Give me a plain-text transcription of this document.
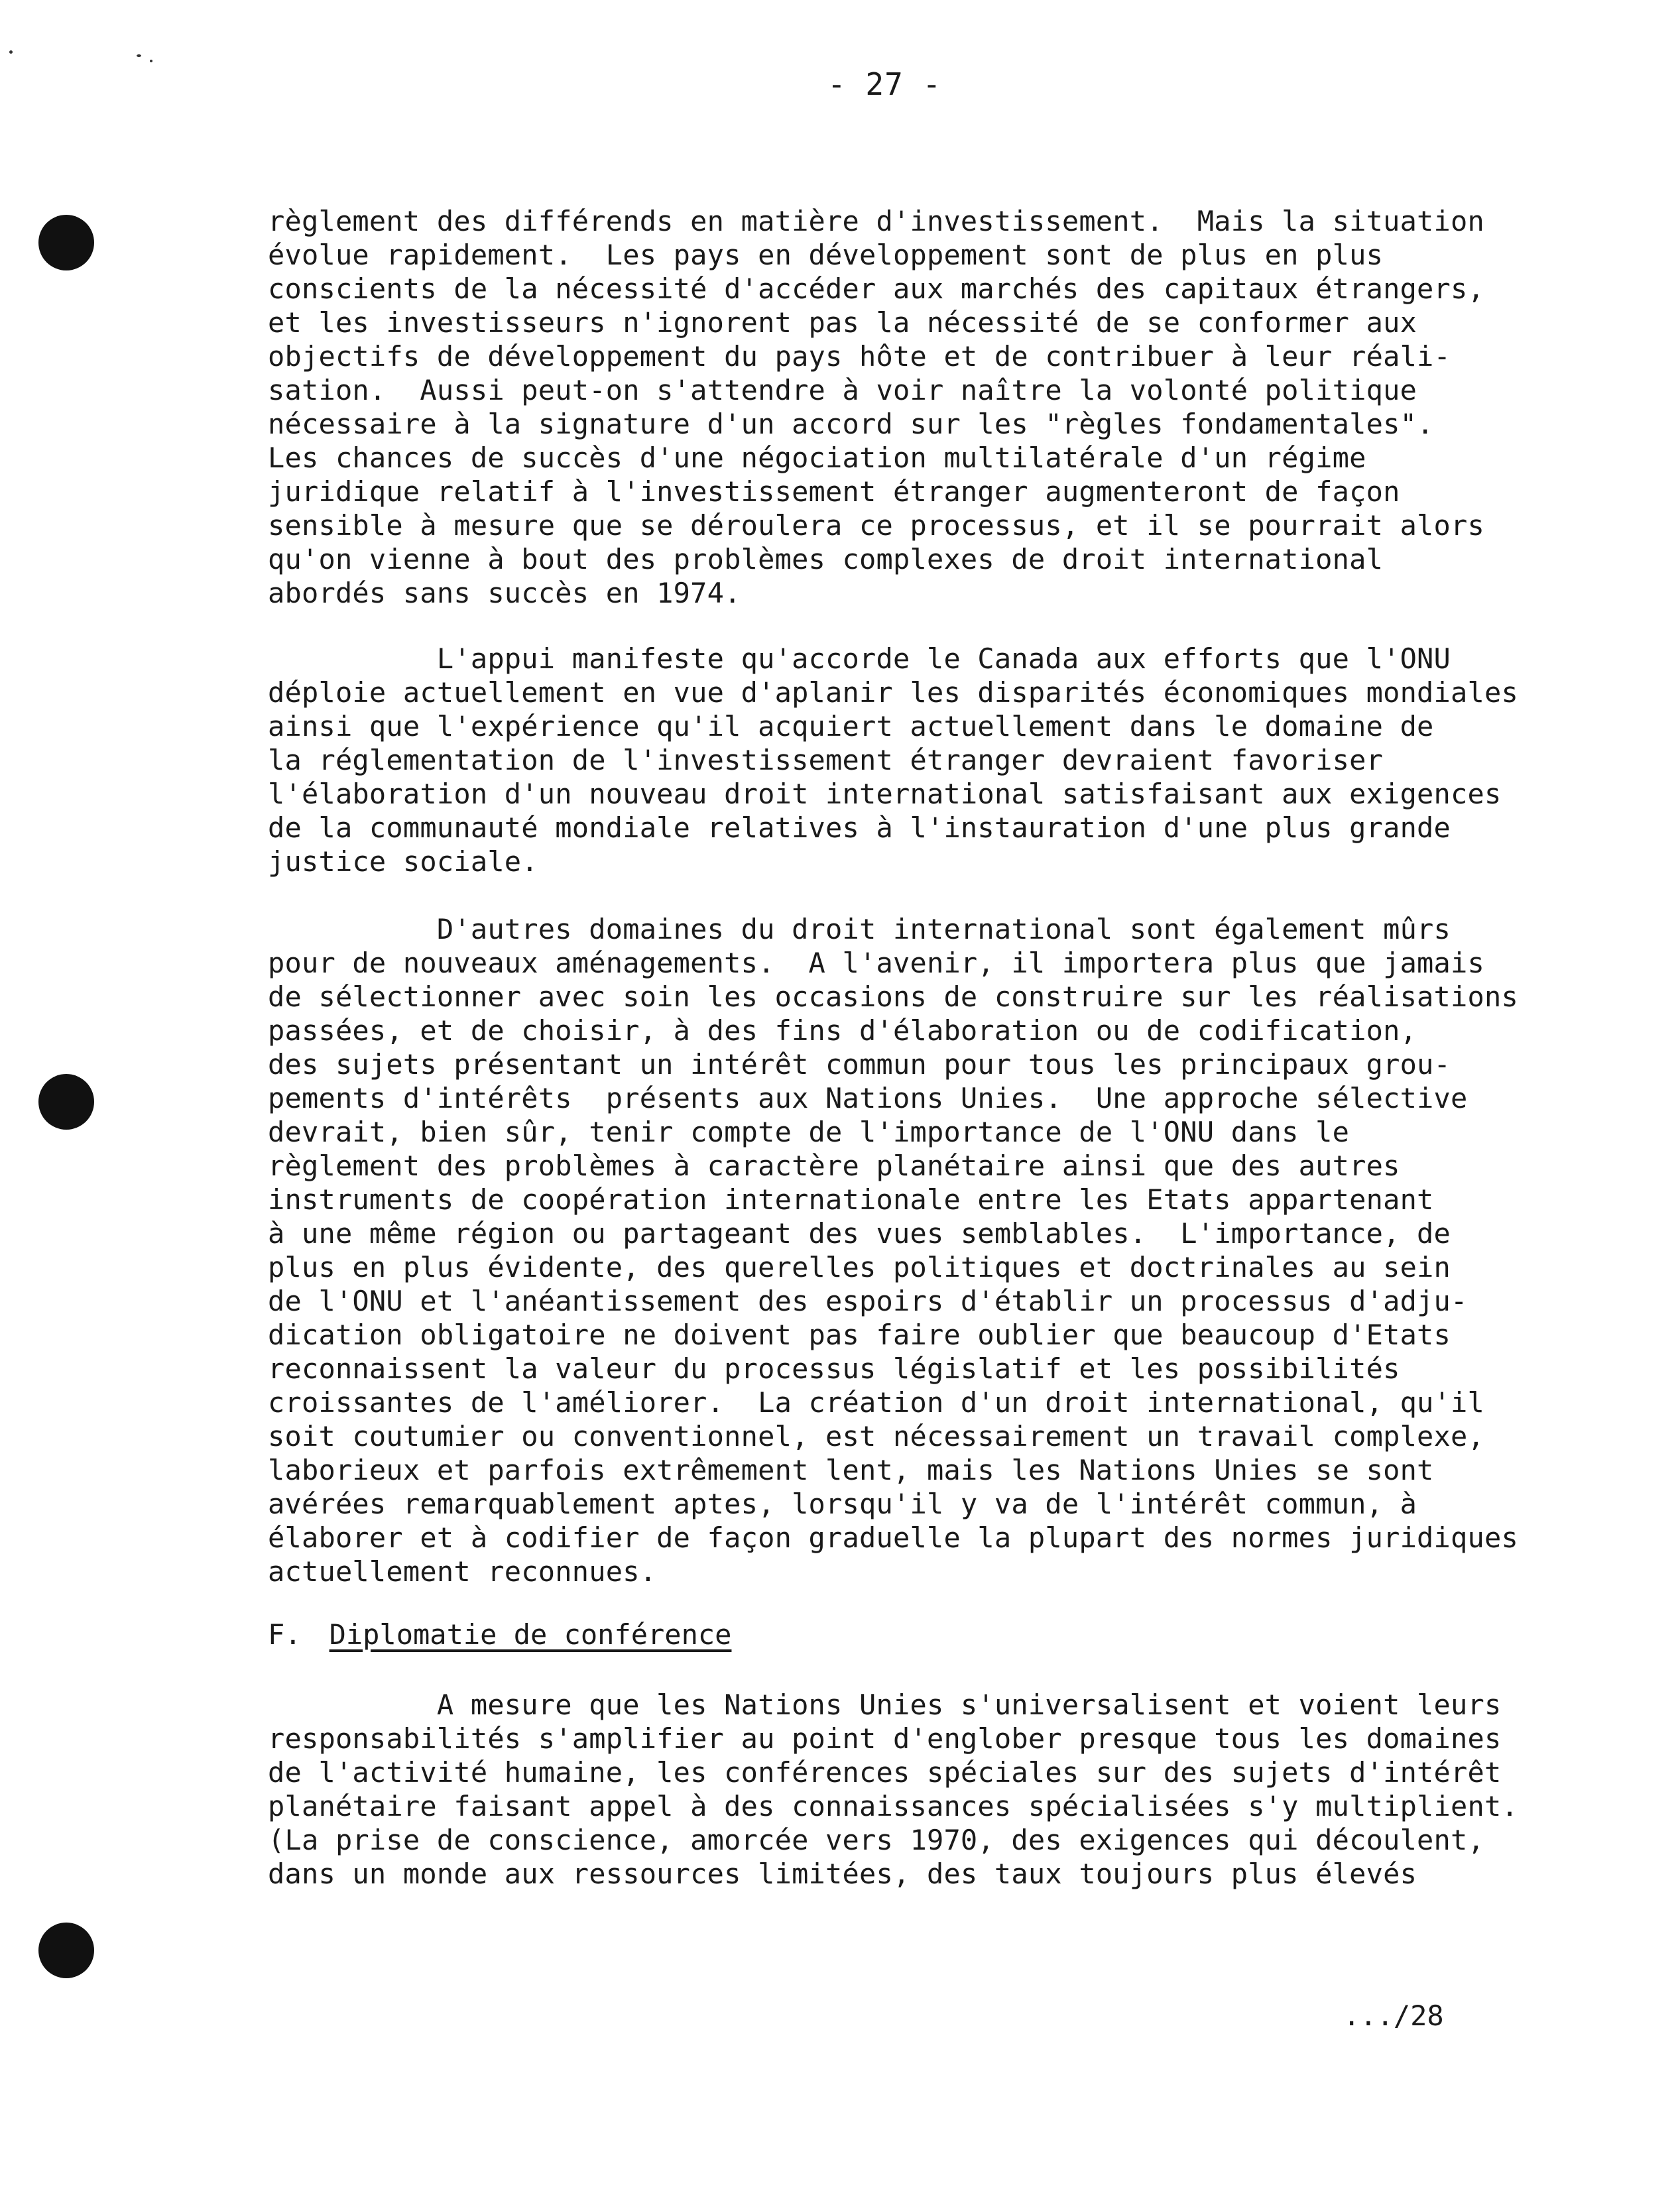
- 27 -
règlement des différends en matière d'investissement.  Mais la situation
évolue rapidement.  Les pays en développement sont de plus en plus
conscients de la nécessité d'accéder aux marchés des capitaux étrangers,
et les investisseurs n'ignorent pas la nécessité de se conformer aux
objectifs de développement du pays hôte et de contribuer à leur réali-
sation.  Aussi peut-on s'attendre à voir naître la volonté politique
nécessaire à la signature d'un accord sur les "règles fondamentales".
Les chances de succès d'une négociation multilatérale d'un régime
juridique relatif à l'investissement étranger augmenteront de façon
sensible à mesure que se déroulera ce processus, et il se pourrait alors
qu'on vienne à bout des problèmes complexes de droit international
abordés sans succès en 1974.
L'appui manifeste qu'accorde le Canada aux efforts que l'ONU
déploie actuellement en vue d'aplanir les disparités économiques mondiales
ainsi que l'expérience qu'il acquiert actuellement dans le domaine de
la réglementation de l'investissement étranger devraient favoriser
l'élaboration d'un nouveau droit international satisfaisant aux exigences
de la communauté mondiale relatives à l'instauration d'une plus grande
justice sociale.
D'autres domaines du droit international sont également mûrs
pour de nouveaux aménagements.  A l'avenir, il importera plus que jamais
de sélectionner avec soin les occasions de construire sur les réalisations
passées, et de choisir, à des fins d'élaboration ou de codification,
des sujets présentant un intérêt commun pour tous les principaux grou-
pements d'intérêts  présents aux Nations Unies.  Une approche sélective
devrait, bien sûr, tenir compte de l'importance de l'ONU dans le
règlement des problèmes à caractère planétaire ainsi que des autres
instruments de coopération internationale entre les Etats appartenant
à une même région ou partageant des vues semblables.  L'importance, de
plus en plus évidente, des querelles politiques et doctrinales au sein
de l'ONU et l'anéantissement des espoirs d'établir un processus d'adju-
dication obligatoire ne doivent pas faire oublier que beaucoup d'Etats
reconnaissent la valeur du processus législatif et les possibilités
croissantes de l'améliorer.  La création d'un droit international, qu'il
soit coutumier ou conventionnel, est nécessairement un travail complexe,
laborieux et parfois extrêmement lent, mais les Nations Unies se sont
avérées remarquablement aptes, lorsqu'il y va de l'intérêt commun, à
élaborer et à codifier de façon graduelle la plupart des normes juridiques
actuellement reconnues.
F. Diplomatie de conférence
A mesure que les Nations Unies s'universalisent et voient leurs
responsabilités s'amplifier au point d'englober presque tous les domaines
de l'activité humaine, les conférences spéciales sur des sujets d'intérêt
planétaire faisant appel à des connaissances spécialisées s'y multiplient.
(La prise de conscience, amorcée vers 1970, des exigences qui découlent,
dans un monde aux ressources limitées, des taux toujours plus élevés
.../28
